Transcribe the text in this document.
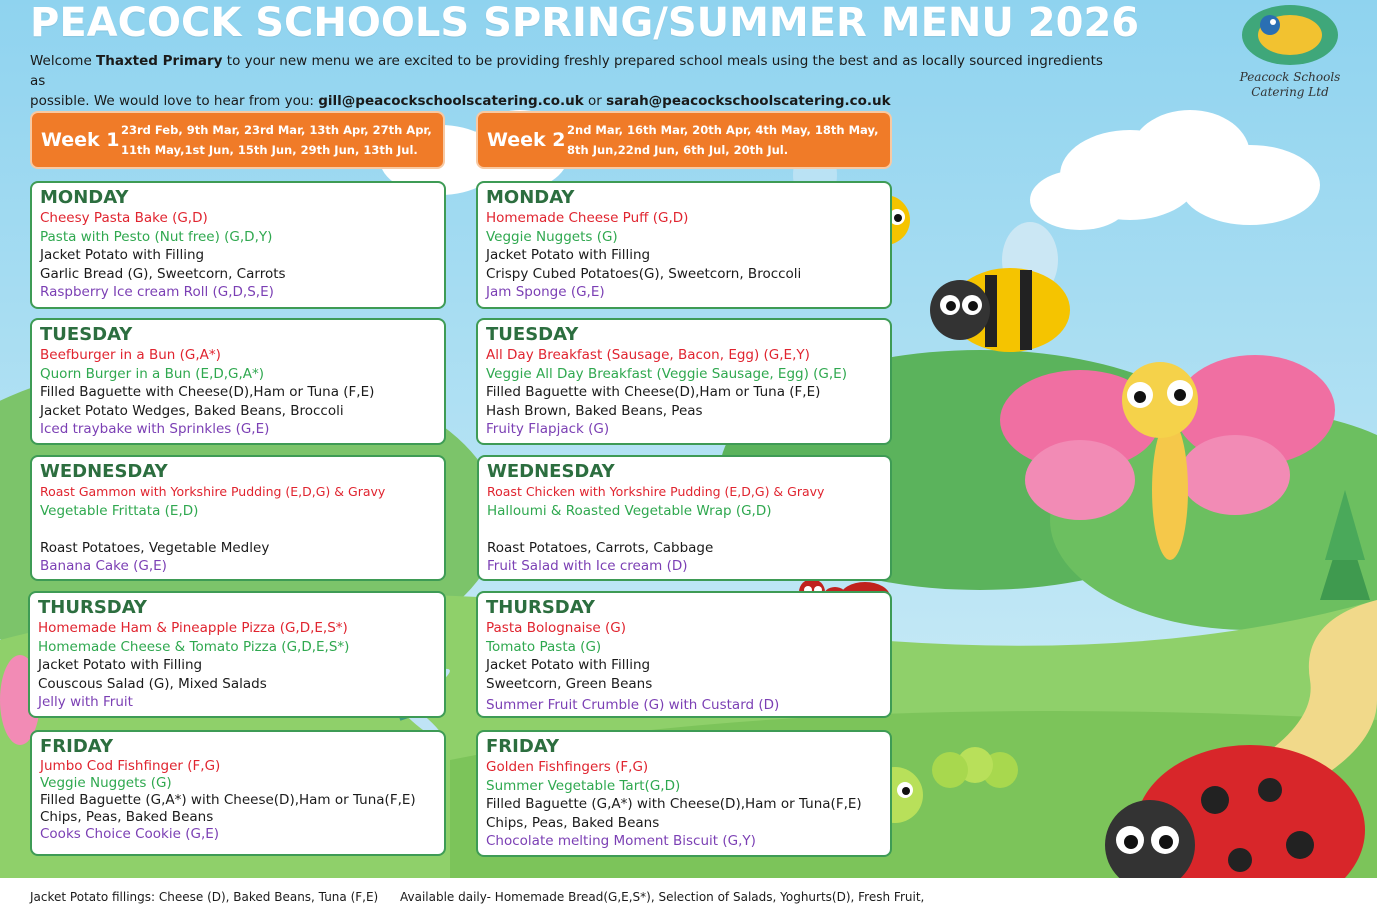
PEACOCK SCHOOLS SPRING/SUMMER MENU 2026
Welcome Thaxted Primary to your new menu we are excited to be providing freshly prepared school meals using the best and as locally sourced ingredients as
possible. We would love to hear from you: gill@peacockschoolscatering.co.uk or sarah@peacockschoolscatering.co.uk
Peacock Schools
Catering Ltd
Week 1 23rd Feb, 9th Mar, 23rd Mar, 13th Apr, 27th Apr,
11th May,1st Jun, 15th Jun, 29th Jun, 13th Jul.	Week 2 2nd Mar, 16th Mar, 20th Apr, 4th May, 18th May,
8th Jun,22nd Jun, 6th Jul, 20th Jul.
MONDAY
Cheesy Pasta Bake (G,D)
Pasta with Pesto (Nut free) (G,D,Y)
Jacket Potato with Filling
Garlic Bread (G), Sweetcorn, Carrots
Raspberry Ice cream Roll (G,D,S,E)
TUESDAY
Beefburger in a Bun (G,A*)
Quorn Burger in a Bun (E,D,G,A*)
Filled Baguette with Cheese(D),Ham or Tuna (F,E)
Jacket Potato Wedges, Baked Beans, Broccoli
Iced traybake with Sprinkles (G,E)
WEDNESDAY
Roast Gammon with Yorkshire Pudding (E,D,G) & Gravy
Vegetable Frittata (E,D)
Roast Potatoes, Vegetable Medley
Banana Cake (G,E)
THURSDAY
Homemade Ham & Pineapple Pizza (G,D,E,S*)
Homemade Cheese & Tomato Pizza (G,D,E,S*)
Jacket Potato with Filling
Couscous Salad (G), Mixed Salads
Jelly with Fruit
FRIDAY
Jumbo Cod Fishfinger (F,G)
Veggie Nuggets (G)
Filled Baguette (G,A*) with Cheese(D),Ham or Tuna(F,E)
Chips, Peas, Baked Beans
Cooks Choice Cookie (G,E)
MONDAY
Homemade Cheese Puff (G,D)
Veggie Nuggets (G)
Jacket Potato with Filling
Crispy Cubed Potatoes(G), Sweetcorn, Broccoli
Jam Sponge (G,E)
TUESDAY
All Day Breakfast (Sausage, Bacon, Egg) (G,E,Y)
Veggie All Day Breakfast (Veggie Sausage, Egg) (G,E)
Filled Baguette with Cheese(D),Ham or Tuna (F,E)
Hash Brown, Baked Beans, Peas
Fruity Flapjack (G)
WEDNESDAY
Roast Chicken with Yorkshire Pudding (E,D,G) & Gravy
Halloumi & Roasted Vegetable Wrap (G,D)
Roast Potatoes, Carrots, Cabbage
Fruit Salad with Ice cream (D)
THURSDAY
Pasta Bolognaise (G)
Tomato Pasta (G)
Jacket Potato with Filling
Sweetcorn, Green Beans
Summer Fruit Crumble (G) with Custard (D)
FRIDAY
Golden Fishfingers (F,G)
Summer Vegetable Tart(G,D)
Filled Baguette (G,A*) with Cheese(D),Ham or Tuna(F,E)
Chips, Peas, Baked Beans
Chocolate melting Moment Biscuit (G,Y)
Jacket Potato fillings: Cheese (D), Baked Beans, Tuna (F,E) Available daily- Homemade Bread(G,E,S*), Selection of Salads, Yoghurts(D), Fresh Fruit,
